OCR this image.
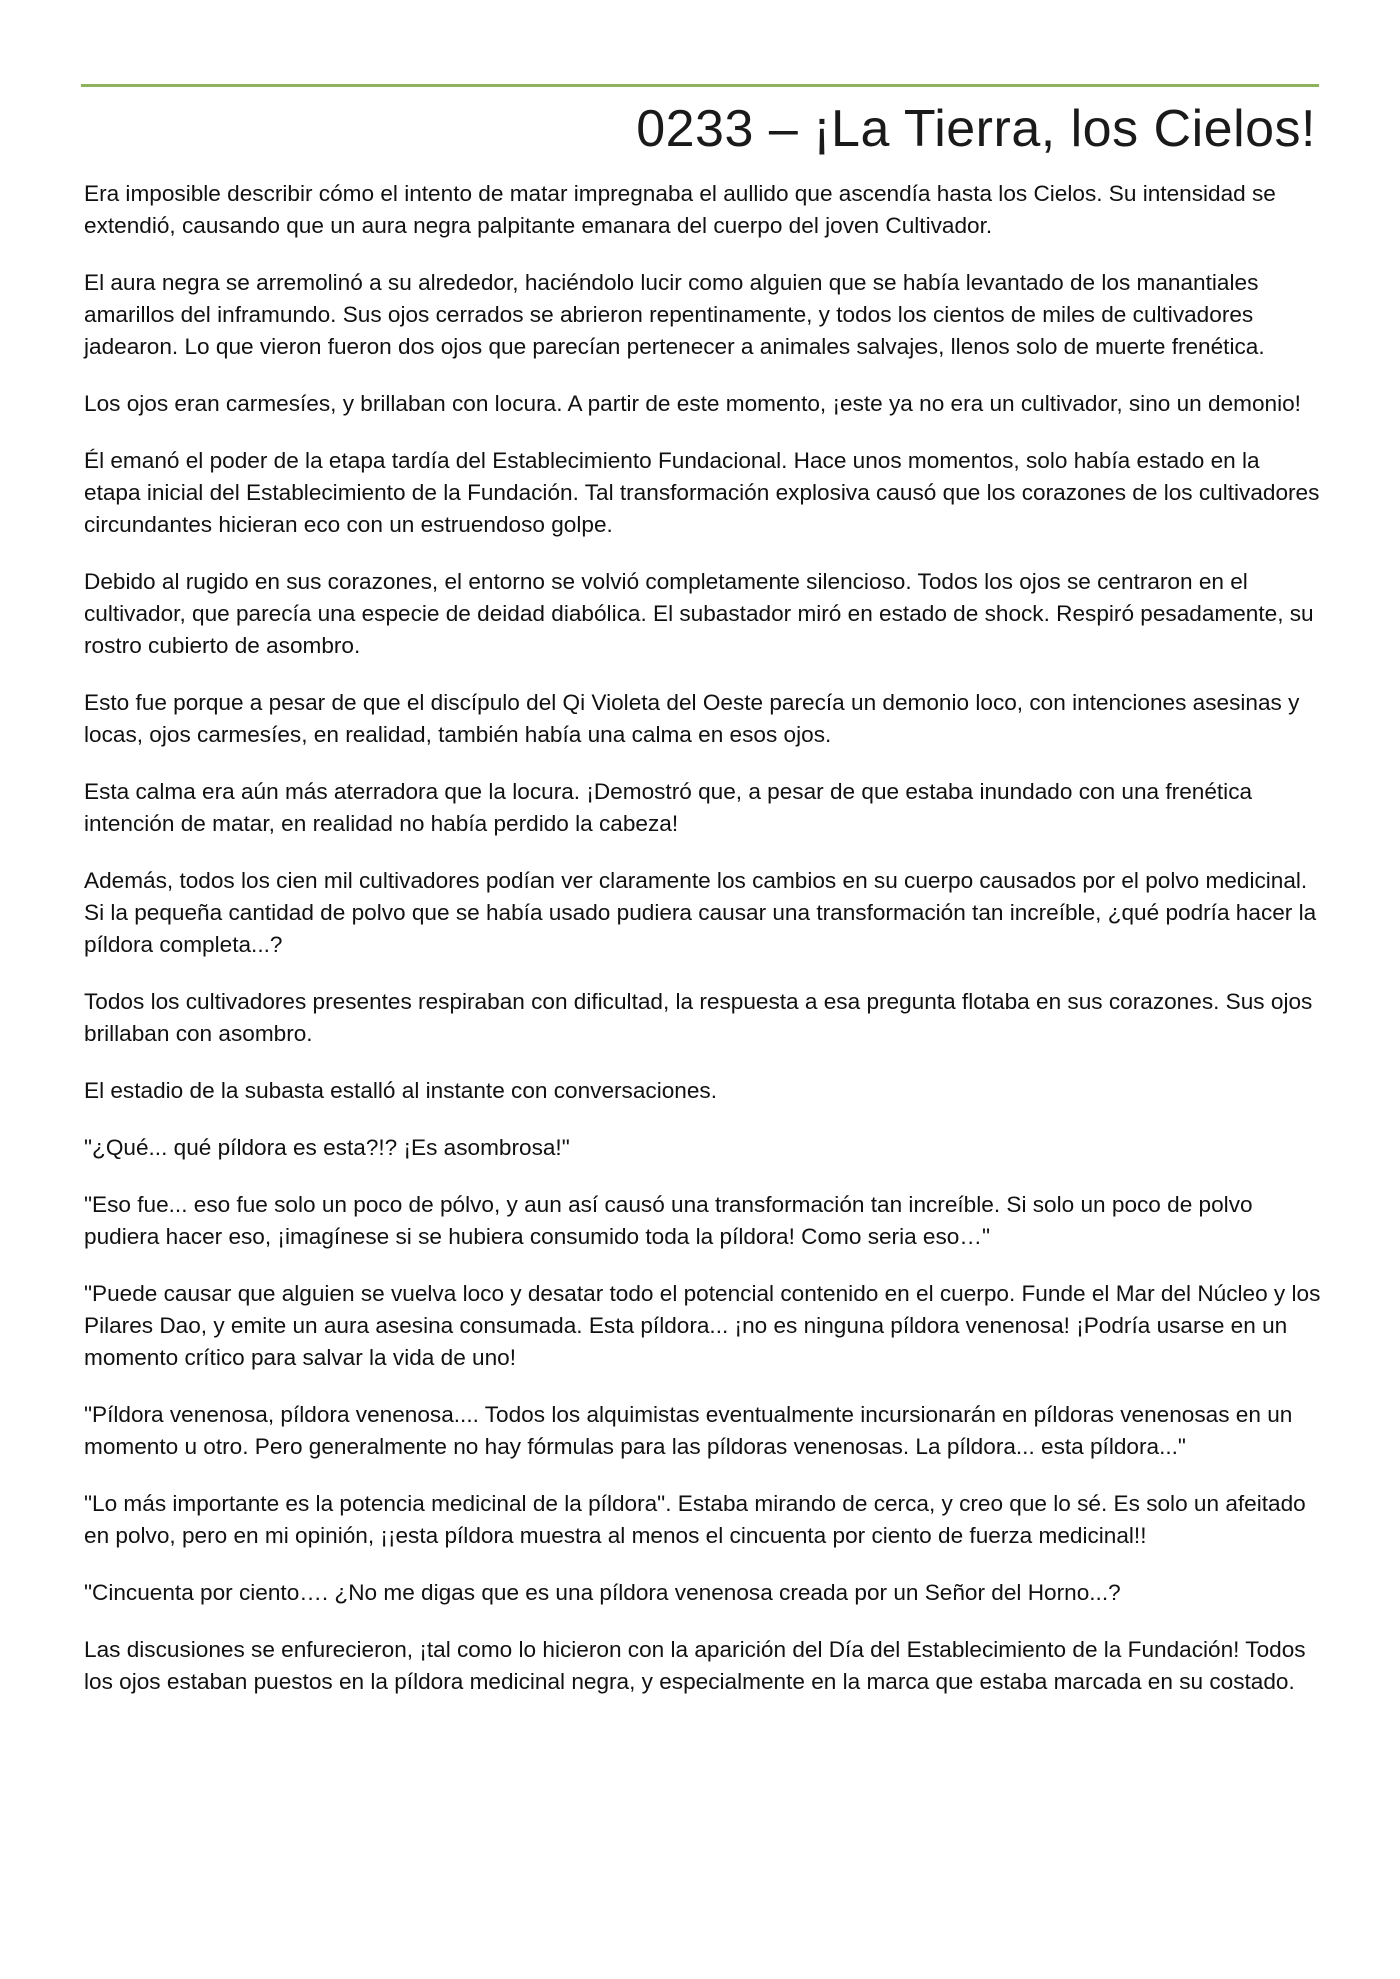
0233 – ¡La Tierra, los Cielos!

Era imposible describir cómo el intento de matar impregnaba el aullido que ascendía hasta los Cielos. Su intensidad se extendió, causando que un aura negra palpitante emanara del cuerpo del joven Cultivador.

El aura negra se arremolinó a su alrededor, haciéndolo lucir como alguien que se había levantado de los manantiales amarillos del inframundo. Sus ojos cerrados se abrieron repentinamente, y todos los cientos de miles de cultivadores jadearon. Lo que vieron fueron dos ojos que parecían pertenecer a animales salvajes, llenos solo de muerte frenética.

Los ojos eran carmesíes, y brillaban con locura. A partir de este momento, ¡este ya no era un cultivador, sino un demonio!

Él emanó el poder de la etapa tardía del Establecimiento Fundacional. Hace unos momentos, solo había estado en la etapa inicial del Establecimiento de la Fundación. Tal transformación explosiva causó que los corazones de los cultivadores circundantes hicieran eco con un estruendoso golpe.

Debido al rugido en sus corazones, el entorno se volvió completamente silencioso. Todos los ojos se centraron en el cultivador, que parecía una especie de deidad diabólica. El subastador miró en estado de shock. Respiró pesadamente, su rostro cubierto de asombro.

Esto fue porque a pesar de que el discípulo del Qi Violeta del Oeste parecía un demonio loco, con intenciones asesinas y locas, ojos carmesíes, en realidad, también había una calma en esos ojos.

Esta calma era aún más aterradora que la locura. ¡Demostró que, a pesar de que estaba inundado con una frenética intención de matar, en realidad no había perdido la cabeza!

Además, todos los cien mil cultivadores podían ver claramente los cambios en su cuerpo causados por el polvo medicinal. Si la pequeña cantidad de polvo que se había usado pudiera causar una transformación tan increíble, ¿qué podría hacer la píldora completa...?

Todos los cultivadores presentes respiraban con dificultad, la respuesta a esa pregunta flotaba en sus corazones. Sus ojos brillaban con asombro.

El estadio de la subasta estalló al instante con conversaciones.

"¿Qué... qué píldora es esta?!? ¡Es asombrosa!"

"Eso fue... eso fue solo un poco de pólvo, y aun así causó una transformación tan increíble. Si solo un poco de polvo pudiera hacer eso, ¡imagínese si se hubiera consumido toda la píldora! Como seria eso…"

"Puede causar que alguien se vuelva loco y desatar todo el potencial contenido en el cuerpo. Funde el Mar del Núcleo y los Pilares Dao, y emite un aura asesina consumada. Esta píldora... ¡no es ninguna píldora venenosa! ¡Podría usarse en un momento crítico para salvar la vida de uno!

"Píldora venenosa, píldora venenosa.... Todos los alquimistas eventualmente incursionarán en píldoras venenosas en un momento u otro. Pero generalmente no hay fórmulas para las píldoras venenosas. La píldora... esta píldora..."

"Lo más importante es la potencia medicinal de la píldora". Estaba mirando de cerca, y creo que lo sé. Es solo un afeitado en polvo, pero en mi opinión, ¡¡esta píldora muestra al menos el cincuenta por ciento de fuerza medicinal!!

"Cincuenta por ciento…. ¿No me digas que es una píldora venenosa creada por un Señor del Horno...?

Las discusiones se enfurecieron, ¡tal como lo hicieron con la aparición del Día del Establecimiento de la Fundación! Todos los ojos estaban puestos en la píldora medicinal negra, y especialmente en la marca que estaba marcada en su costado.
